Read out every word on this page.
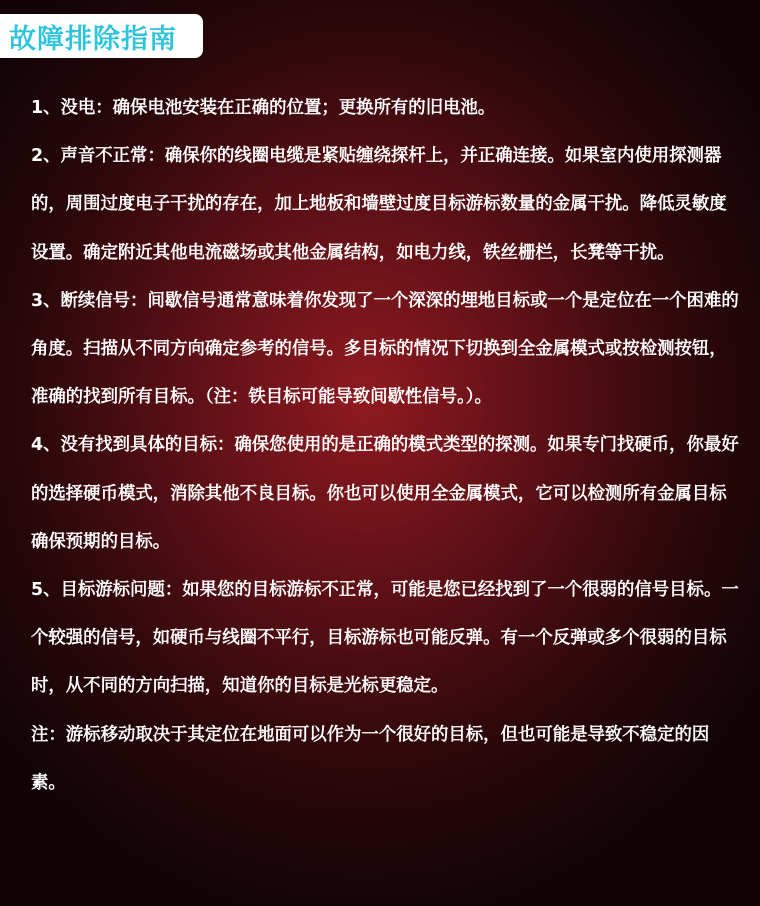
故障排除指南

1、没电：确保电池安装在正确的位置；更换所有的旧电池。

2、声音不正常：确保你的线圈电缆是紧贴缠绕探杆上，并正确连接。如果室内使用探测器的，周围过度电子干扰的存在，加上地板和墙壁过度目标游标数量的金属干扰。降低灵敏度设置。确定附近其他电流磁场或其他金属结构，如电力线，铁丝栅栏，长凳等干扰。

3、断续信号：间歇信号通常意味着你发现了一个深深的埋地目标或一个是定位在一个困难的角度。扫描从不同方向确定参考的信号。多目标的情况下切换到全金属模式或按检测按钮，准确的找到所有目标。（注：铁目标可能导致间歇性信号。）。

4、没有找到具体的目标：确保您使用的是正确的模式类型的探测。如果专门找硬币，你最好的选择硬币模式，消除其他不良目标。你也可以使用全金属模式，它可以检测所有金属目标确保预期的目标。

5、目标游标问题：如果您的目标游标不正常，可能是您已经找到了一个很弱的信号目标。一个较强的信号，如硬币与线圈不平行，目标游标也可能反弹。有一个反弹或多个很弱的目标时，从不同的方向扫描，知道你的目标是光标更稳定。

注：游标移动取决于其定位在地面可以作为一个很好的目标，但也可能是导致不稳定的因素。
